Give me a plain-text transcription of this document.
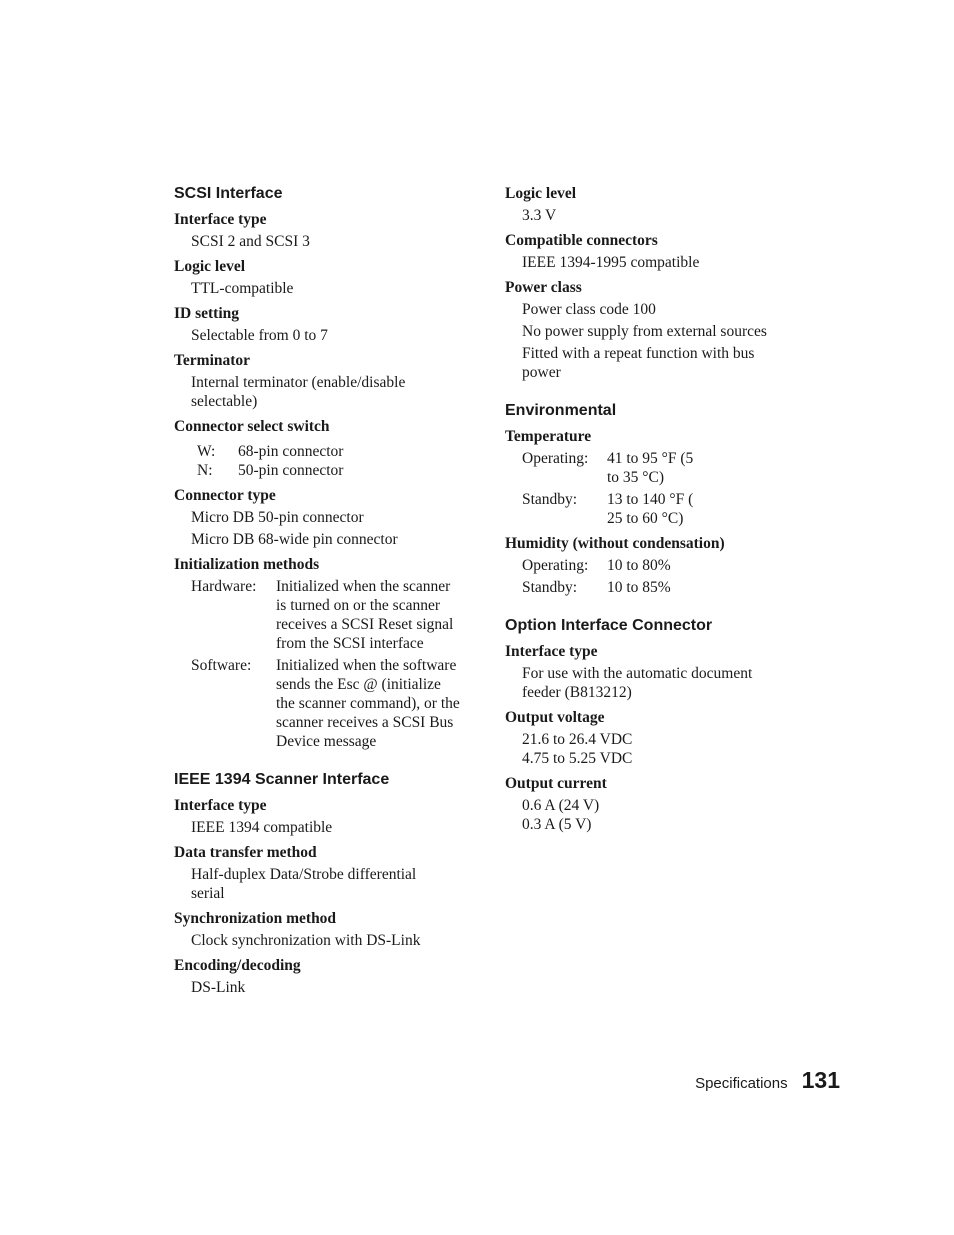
SCSI Interface
Interface type
SCSI 2 and SCSI 3
Logic level
TTL-compatible
ID setting
Selectable from 0 to 7
Terminator
Internal terminator (enable/disable selectable)
Connector select switch
W:	68-pin connector
N:	50-pin connector
Connector type
Micro DB 50-pin connector
Micro DB 68-wide pin connector
Initialization methods
Hardware:	Initialized when the scanner is turned on or the scanner receives a SCSI Reset signal from the SCSI interface
Software:	Initialized when the software sends the Esc @ (initialize the scanner command), or the scanner receives a SCSI Bus Device message
IEEE 1394 Scanner Interface
Interface type
IEEE 1394 compatible
Data transfer method
Half-duplex Data/Strobe differential serial
Synchronization method
Clock synchronization with DS-Link
Encoding/decoding
DS-Link
Logic level
3.3 V
Compatible connectors
IEEE 1394-1995 compatible
Power class
Power class code 100
No power supply from external sources
Fitted with a repeat function with bus power
Environmental
Temperature
Operating:	41 to 95 °F (5 to 35 °C)
Standby:	13 to 140 °F ( 25 to 60 °C)
Humidity (without condensation)
Operating:	10 to 80%
Standby:	10 to 85%
Option Interface Connector
Interface type
For use with the automatic document feeder (B813212)
Output voltage
21.6 to 26.4 VDC
4.75 to 5.25 VDC
Output current
0.6 A (24 V)
0.3 A (5 V)
Specifications 131
